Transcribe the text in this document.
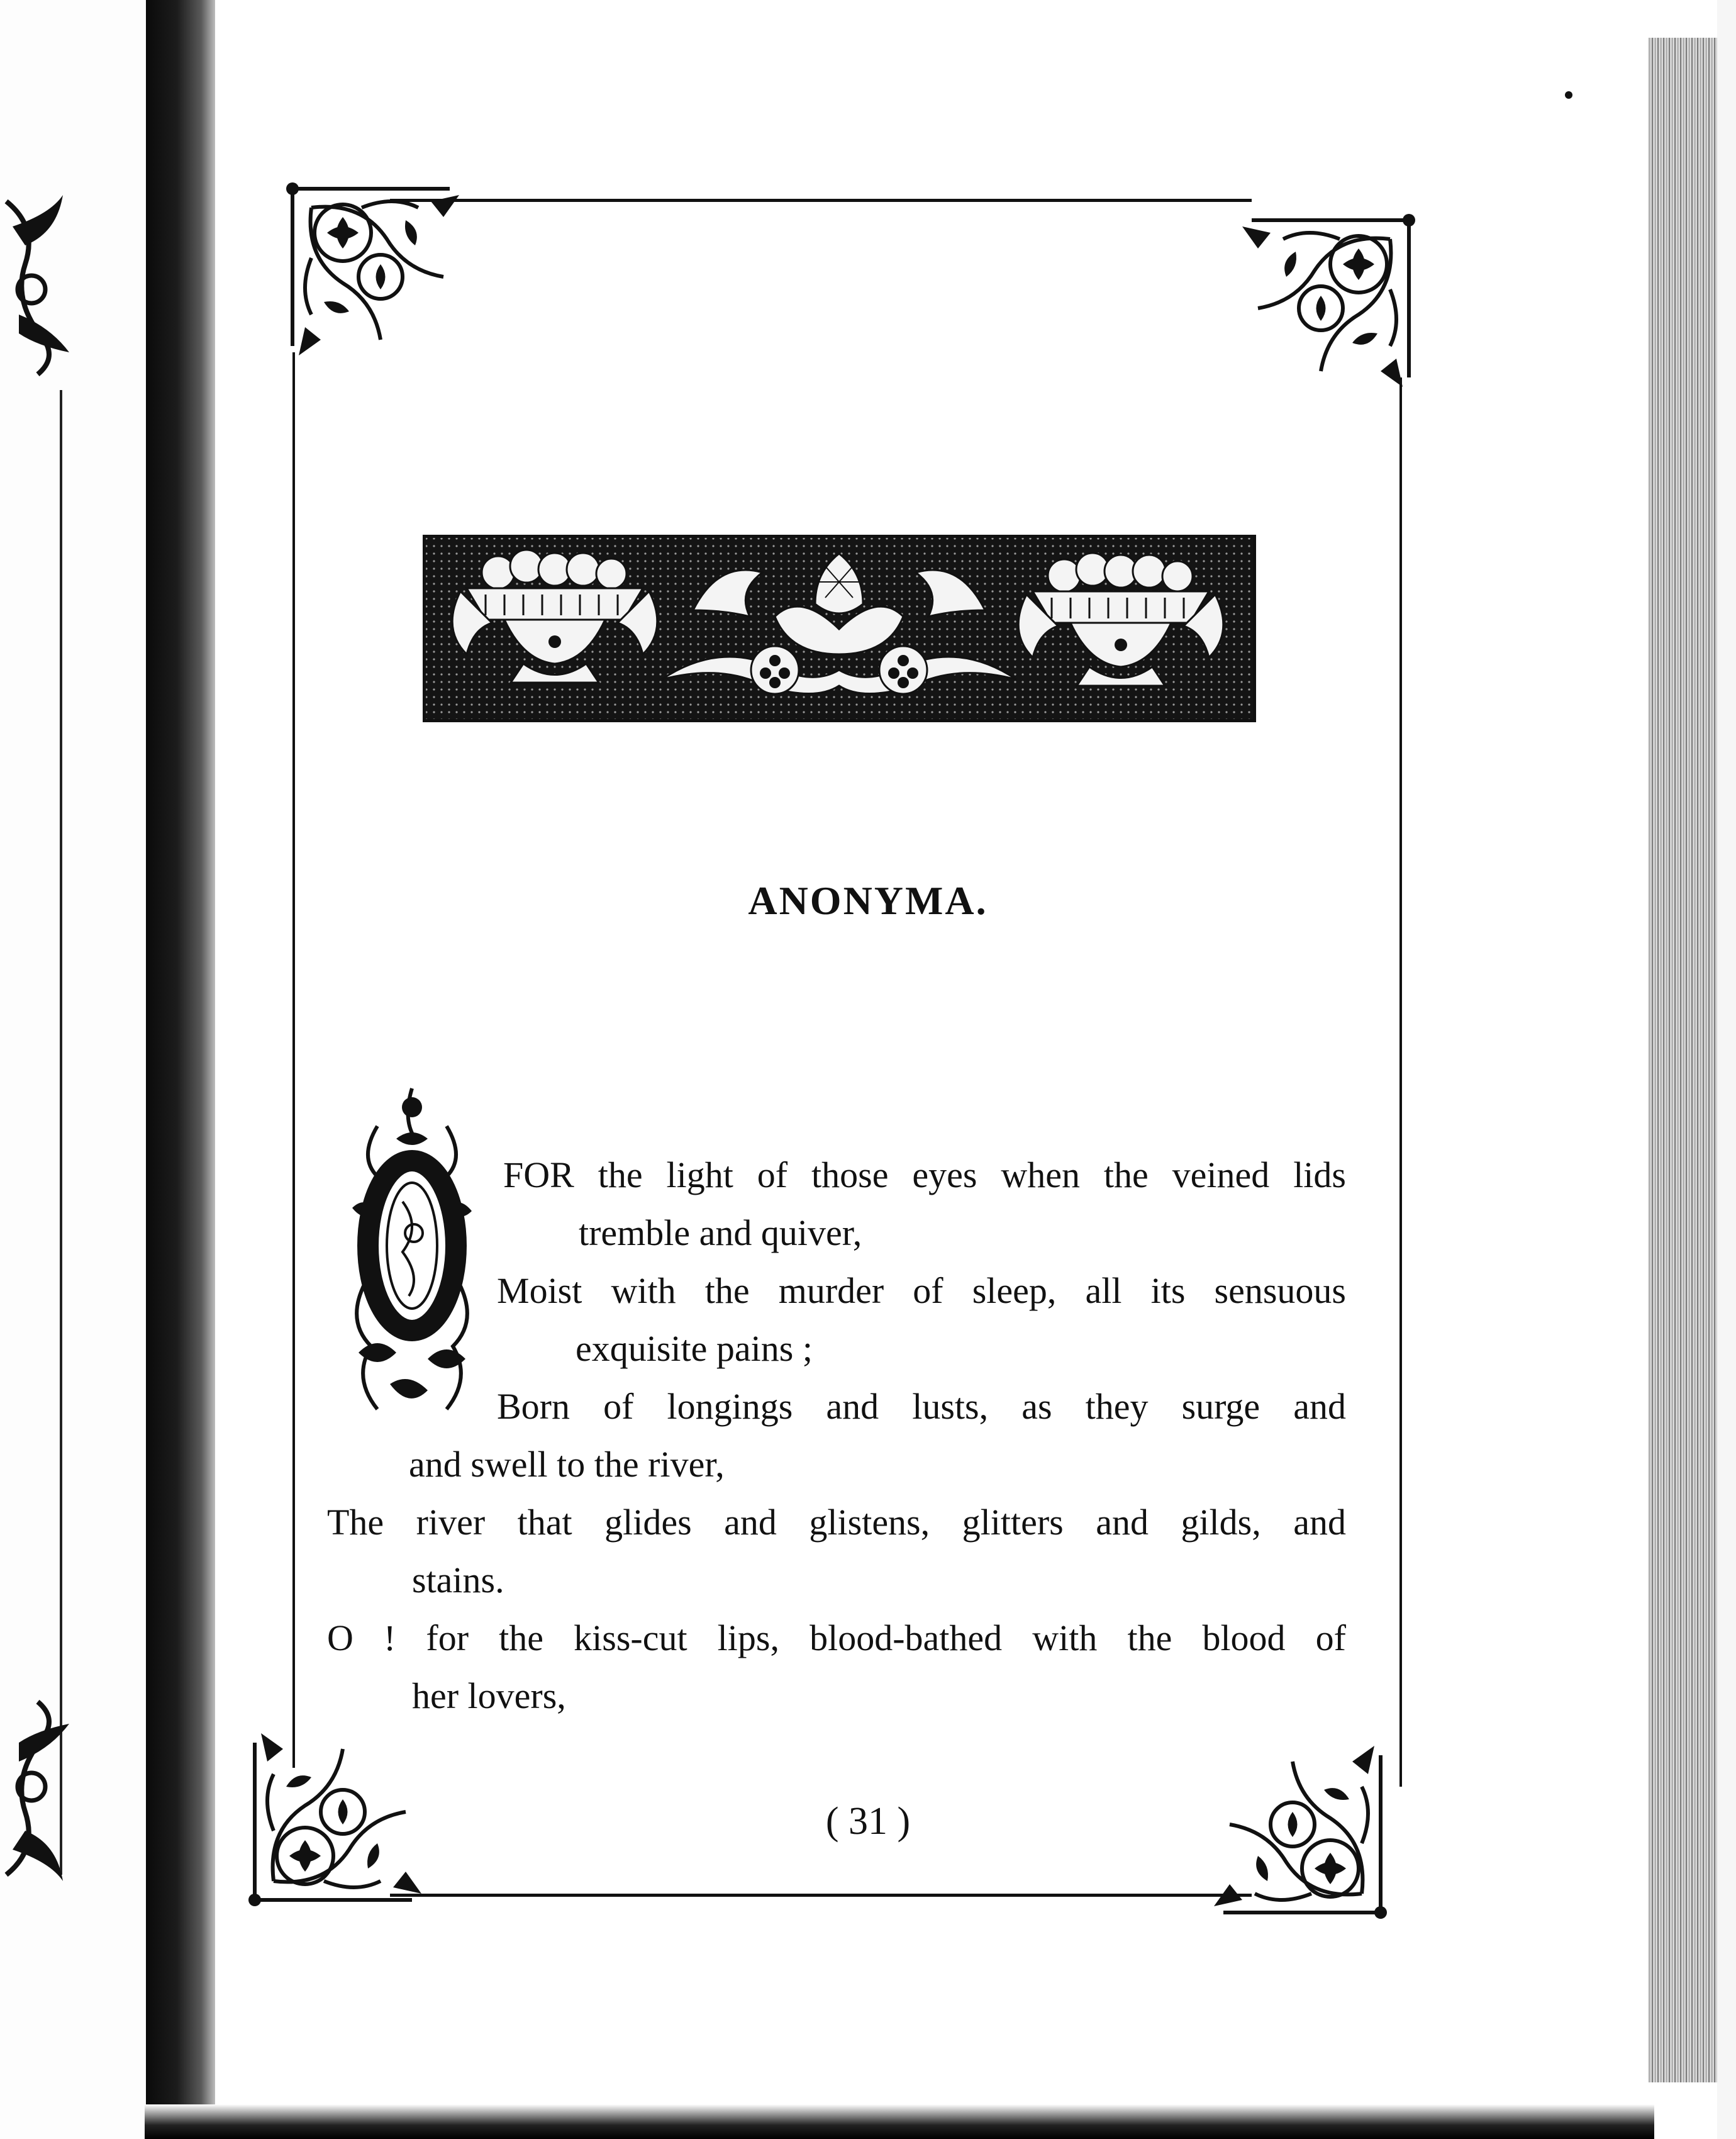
ANONYMA.
O

FOR the light of those eyes when the veined lids

tremble and quiver,

Moist with the murder of sleep, all its sensuous

exquisite pains ;

Born of longings and lusts, as they surge and

and swell to the river,

The river that glides and glistens, glitters and gilds, and

stains.

O ! for the kiss-cut lips, blood-bathed with the blood of

her lovers,

( 31 )
